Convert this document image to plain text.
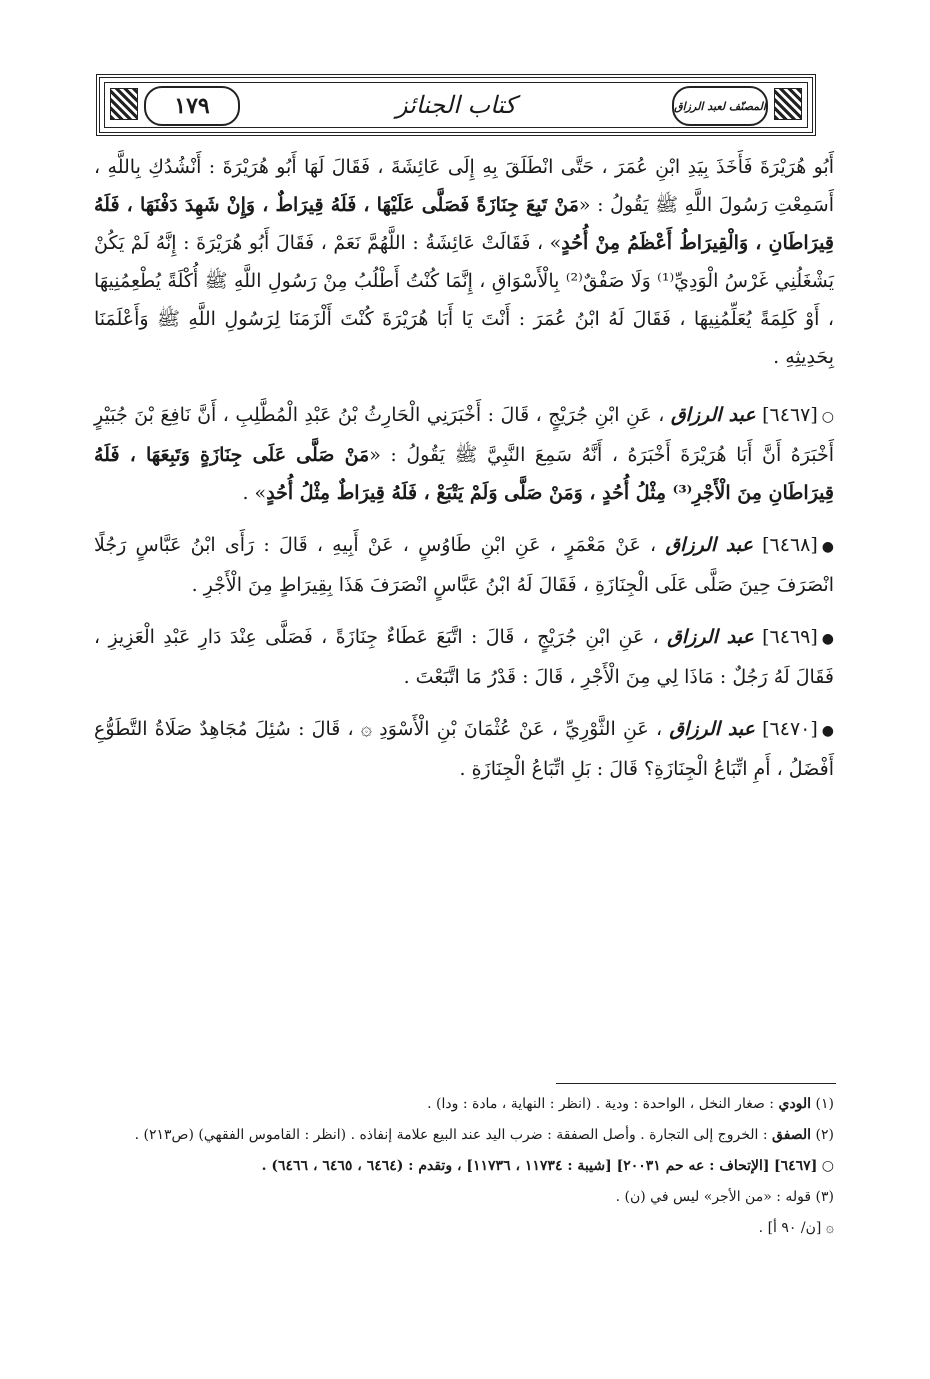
١٧٩	كتاب الجنائز	المصنّف لعبد الرزاق

أَبُو هُرَيْرَةَ فَأَخَذَ بِيَدِ ابْنِ عُمَرَ ، حَتَّى انْطَلَقَ بِهِ إِلَى عَائِشَةَ ، فَقَالَ لَهَا أَبُو هُرَيْرَةَ : أَنْشُدُكِ بِاللَّهِ ، أَسَمِعْتِ رَسُولَ اللَّهِ ﷺ يَقُولُ : «مَنْ تَبِعَ جِنَازَةً فَصَلَّى عَلَيْهَا ، فَلَهُ قِيرَاطٌ ، وَإِنْ شَهِدَ دَفْنَهَا ، فَلَهُ قِيرَاطَانِ ، وَالْقِيرَاطُ أَعْظَمُ مِنْ أُحُدٍ» ، فَقَالَتْ عَائِشَةُ : اللَّهُمَّ نَعَمْ ، فَقَالَ أَبُو هُرَيْرَةَ : إِنَّهُ لَمْ يَكُنْ يَشْغَلُنِي غَرْسُ الْوَدِيِّ⁽¹⁾ وَلَا صَفْقٌ⁽²⁾ بِالْأَسْوَاقِ ، إِنَّمَا كُنْتُ أَطْلُبُ مِنْ رَسُولِ اللَّهِ ﷺ أُكْلَةً يُطْعِمُنِيهَا ، أَوْ كَلِمَةً يُعَلِّمُنِيهَا ، فَقَالَ لَهُ ابْنُ عُمَرَ : أَنْتَ يَا أَبَا هُرَيْرَةَ كُنْتَ أَلْزَمَنَا لِرَسُولِ اللَّهِ ﷺ وَأَعْلَمَنَا بِحَدِيثِهِ .

○[٦٤٦٧] عبد الرزاق ، عَنِ ابْنِ جُرَيْجٍ ، قَالَ : أَخْبَرَنِي الْحَارِثُ بْنُ عَبْدِ الْمُطَّلِبِ ، أَنَّ نَافِعَ بْنَ جُبَيْرٍ أَخْبَرَهُ أَنَّ أَبَا هُرَيْرَةَ أَخْبَرَهُ ، أَنَّهُ سَمِعَ النَّبِيَّ ﷺ يَقُولُ : «مَنْ صَلَّى عَلَى جِنَازَةٍ وَتَبِعَهَا ، فَلَهُ قِيرَاطَانِ مِنَ الْأَجْرِ⁽³⁾ مِثْلُ أُحُدٍ ، وَمَنْ صَلَّى وَلَمْ يَتْبَعْ ، فَلَهُ قِيرَاطٌ مِثْلُ أُحُدٍ» .

●[٦٤٦٨] عبد الرزاق ، عَنْ مَعْمَرٍ ، عَنِ ابْنِ طَاوُسٍ ، عَنْ أَبِيهِ ، قَالَ : رَأَى ابْنُ عَبَّاسٍ رَجُلًا انْصَرَفَ حِينَ صَلَّى عَلَى الْجِنَازَةِ ، فَقَالَ لَهُ ابْنُ عَبَّاسٍ انْصَرَفَ هَذَا بِقِيرَاطٍ مِنَ الْأَجْرِ .

●[٦٤٦٩] عبد الرزاق ، عَنِ ابْنِ جُرَيْجٍ ، قَالَ : اتَّبَعَ عَطَاءٌ جِنَازَةً ، فَصَلَّى عِنْدَ دَارِ عَبْدِ الْعَزِيزِ ، فَقَالَ لَهُ رَجُلٌ : مَاذَا لِي مِنَ الْأَجْرِ ، قَالَ : قَدْرُ مَا اتَّبَعْتَ .

●[٦٤٧٠] عبد الرزاق ، عَنِ الثَّوْرِيِّ ، عَنْ عُثْمَانَ بْنِ الْأَسْوَدِ ۞ ، قَالَ : سُئِلَ مُجَاهِدٌ صَلَاةُ التَّطَوُّعِ أَفْضَلُ ، أَمِ اتِّبَاعُ الْجِنَازَةِ؟ قَالَ : بَلِ اتِّبَاعُ الْجِنَازَةِ .

(١) الودي : صغار النخل ، الواحدة : ودية . (انظر : النهاية ، مادة : ودا) .

(٢) الصفق : الخروج إلى التجارة . وأصل الصفقة : ضرب اليد عند البيع علامة إنفاذه . (انظر : القاموس الفقهي) (ص٢١٣) .

○ [٦٤٦٧] [الإتحاف : عه حم ٢٠٠٣١] [شيبة : ١١٧٣٤ ، ١١٧٣٦] ، وتقدم : (٦٤٦٤ ، ٦٤٦٥ ، ٦٤٦٦) .

(٣) قوله : «من الأجر» ليس في (ن) .

۞ [ن/ ٩٠ أ] .
